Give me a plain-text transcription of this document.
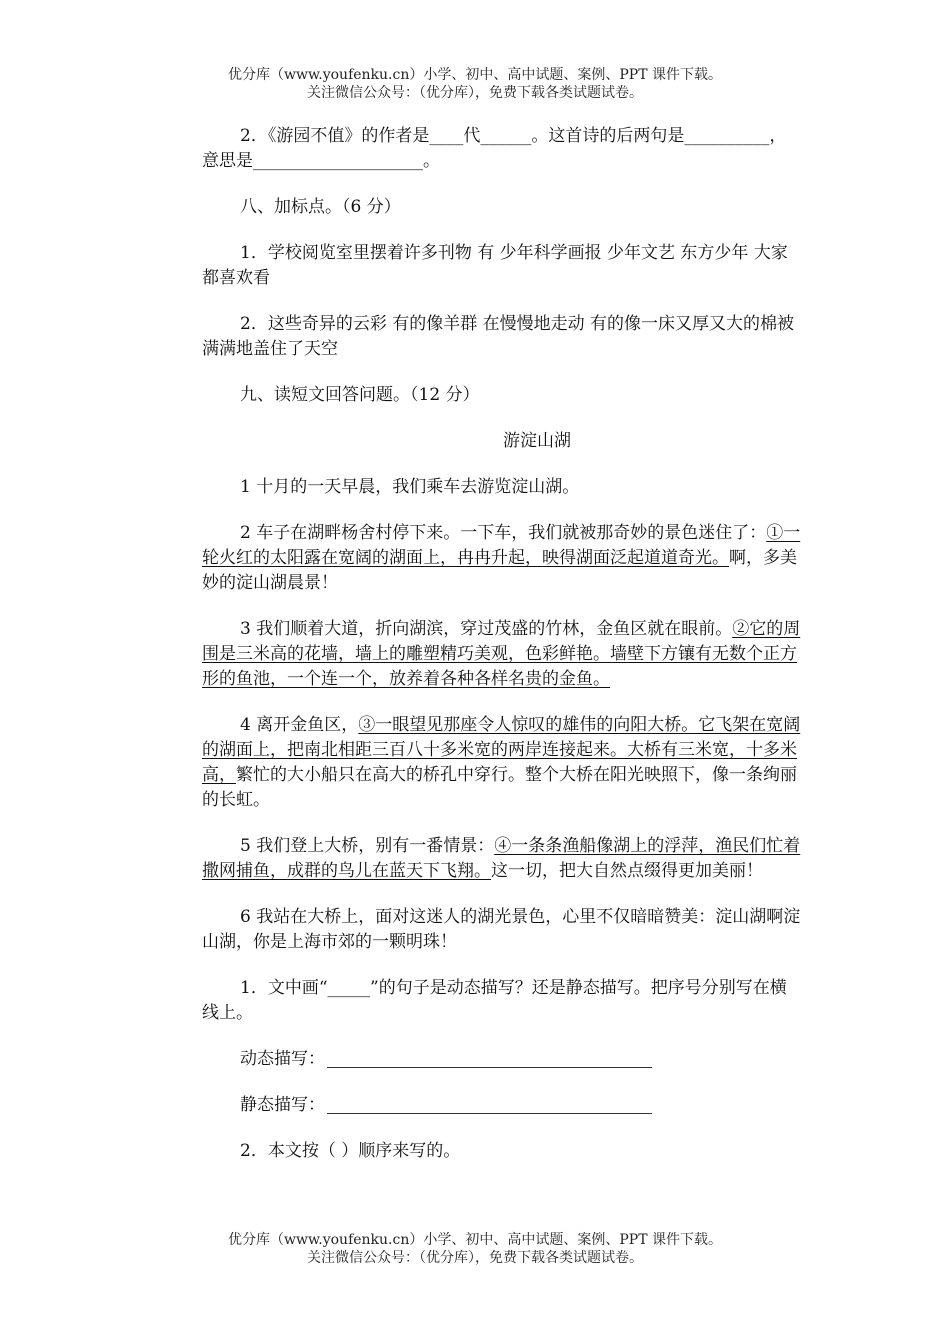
优分库（www.youfenku.cn）小学、初中、高中试题、案例、PPT 课件下载。
关注微信公众号：（优分库），免费下载各类试题试卷。

2．《游园不值》的作者是____代______。这首诗的后两句是__________，意思是____________________。

八、加标点。（6 分）

1．学校阅览室里摆着许多刊物 有 少年科学画报 少年文艺 东方少年 大家都喜欢看

2．这些奇异的云彩 有的像羊群 在慢慢地走动 有的像一床又厚又大的棉被 满满地盖住了天空

九、读短文回答问题。（12 分）

游淀山湖

1 十月的一天早晨，我们乘车去游览淀山湖。

2 车子在湖畔杨舍村停下来。一下车，我们就被那奇妙的景色迷住了：①一轮火红的太阳露在宽阔的湖面上，冉冉升起，映得湖面泛起道道奇光。啊，多美妙的淀山湖晨景！

3 我们顺着大道，折向湖滨，穿过茂盛的竹林，金鱼区就在眼前。②它的周围是三米高的花墙，墙上的雕塑精巧美观，色彩鲜艳。墙壁下方镶有无数个正方形的鱼池，一个连一个，放养着各种各样名贵的金鱼。

4 离开金鱼区，③一眼望见那座令人惊叹的雄伟的向阳大桥。它飞架在宽阔的湖面上，把南北相距三百八十多米宽的两岸连接起来。大桥有三米宽，十多米高，繁忙的大小船只在高大的桥孔中穿行。整个大桥在阳光映照下，像一条绚丽的长虹。

5 我们登上大桥，别有一番情景：④一条条渔船像湖上的浮萍，渔民们忙着撒网捕鱼，成群的鸟儿在蓝天下飞翔。这一切，把大自然点缀得更加美丽！

6 我站在大桥上，面对这迷人的湖光景色，心里不仅暗暗赞美：淀山湖啊淀山湖，你是上海市郊的一颗明珠！

1．文中画“_____”的句子是动态描写？还是静态描写。把序号分别写在横线上。

动态描写：

静态描写：

2．本文按（ ）顺序来写的。

优分库（www.youfenku.cn）小学、初中、高中试题、案例、PPT 课件下载。
关注微信公众号：（优分库），免费下载各类试题试卷。
